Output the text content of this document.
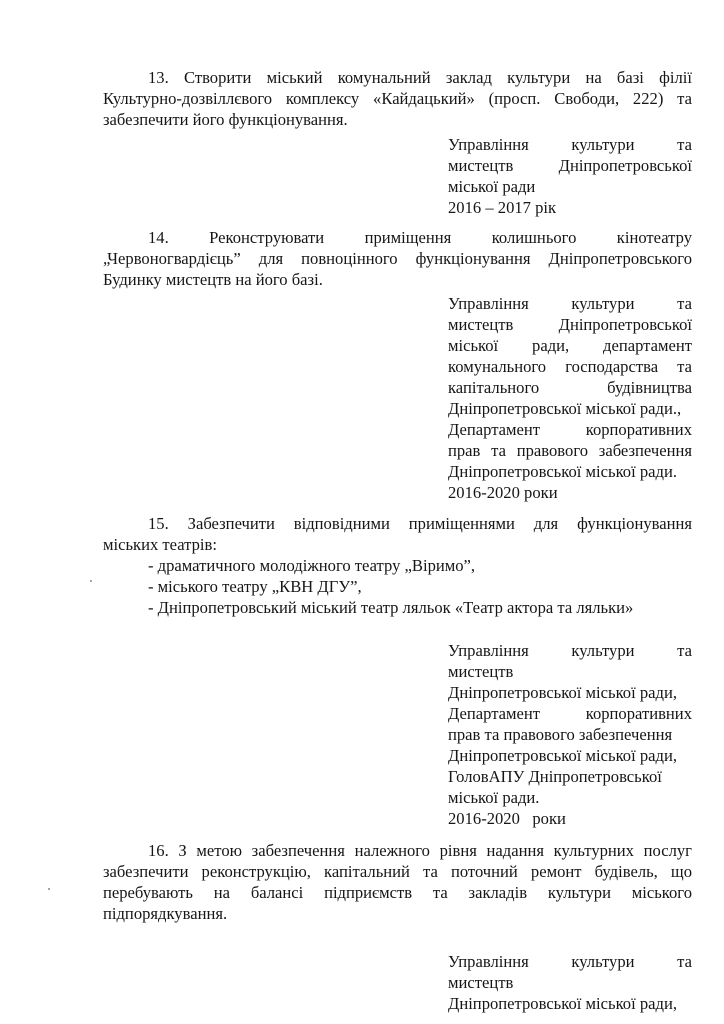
13. Створити міський комунальний заклад культури на базі філії
Культурно-дозвіллєвого комплексу «Кайдацький» (просп. Свободи, 222) та
забезпечити його функціонування.
Управління культури та
мистецтв Дніпропетровської
міської ради
2016 – 2017 рік
14. Реконструювати приміщення колишнього кінотеатру
„Червоногвардієць” для повноцінного функціонування Дніпропетровського
Будинку мистецтв на його базі.
Управління культури та
мистецтв Дніпропетровської
міської ради, департамент
комунального господарства та
капітального будівництва
Дніпропетровської міської ради.,
Департамент корпоративних
прав та правового забезпечення
Дніпропетровської міської ради.
2016-2020 роки
15. Забезпечити відповідними приміщеннями для функціонування
міських театрів:
- драматичного молодіжного театру „Віримо”,
- міського театру „КВН ДГУ”,
- Дніпропетровський міський театр ляльок «Театр актора та ляльки»
Управління культури та
мистецтв
Дніпропетровської міської ради,
Департамент корпоративних
прав та правового забезпечення
Дніпропетровської міської ради,
ГоловАПУ Дніпропетровської
міської ради.
2016-2020   роки
16. З метою забезпечення належного рівня надання культурних послуг
забезпечити реконструкцію, капітальний та поточний ремонт будівель, що
перебувають на балансі підприємств та закладів культури міського
підпорядкування.
Управління культури та
мистецтв
Дніпропетровської міської ради,
